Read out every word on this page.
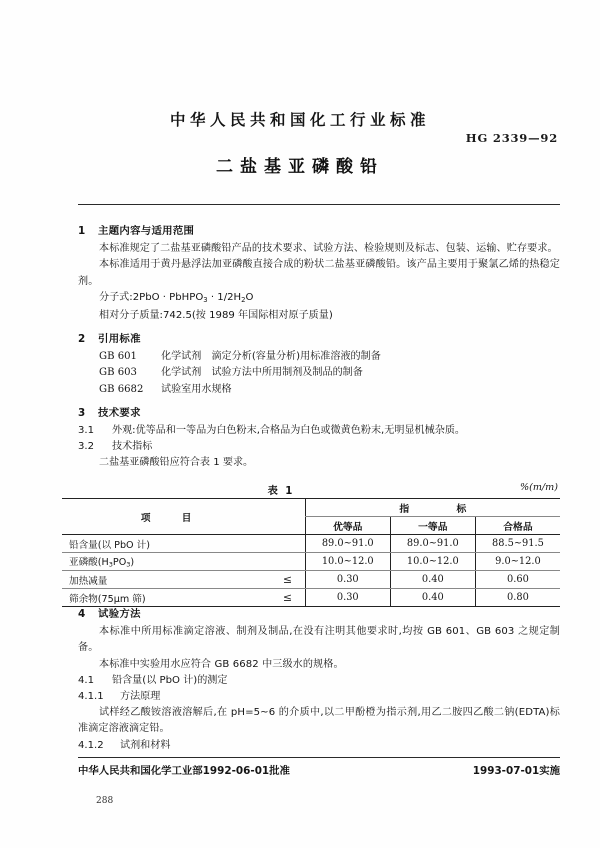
中华人民共和国化工行业标准
HG 2339—92
二盐基亚磷酸铅
1 主题内容与适用范围
本标准规定了二盐基亚磷酸铅产品的技术要求、试验方法、检验规则及标志、包装、运输、贮存要求。
本标准适用于黄丹悬浮法加亚磷酸直接合成的粉状二盐基亚磷酸铅。该产品主要用于聚氯乙烯的热稳定剂。
分子式:2PbO · PbHPO$_3$ · $1/2H_2O$
相对分子质量:742.5(按 1989 年国际相对原子质量)
2 引用标准
GB 601 化学试剂　滴定分析(容量分析)用标准溶液的制备
GB 603 化学试剂　试验方法中所用制剂及制品的制备
GB 6682 试验室用水规格
3 技术要求
3.1 外观:优等品和一等品为白色粉末,合格品为白色或微黄色粉末,无明显机械杂质。
3.2 技术指标
二盐基亚磷酸铅应符合表 1 要求。
表 1	%(m/m)
项 目		指 标		
		优等品	一等品	合格品
铅含量(以 PbO 计)		89.0~91.0	89.0~91.0	88.5~91.5
亚磷酸$(H_3PO_3)$		10.0~12.0	10.0~12.0	9.0~12.0
加热减量	≤	0.30	0.40	0.60
筛余物(75μm 筛)	≤	0.30	0.40	0.80
4 试验方法
本标准中所用标准滴定溶液、制剂及制品,在没有注明其他要求时,均按 GB 601、GB 603 之规定制备。
本标准中实验用水应符合 GB 6682 中三级水的规格。
4.1 铅含量(以 PbO 计)的测定
4.1.1 方法原理
试样经乙酸铵溶液溶解后,在 pH=5~6 的介质中,以二甲酚橙为指示剂,用乙二胺四乙酸二钠(EDTA)标准滴定溶液滴定铅。
4.1.2 试剂和材料
中华人民共和国化学工业部1992-06-01批准	1993-07-01实施
288
